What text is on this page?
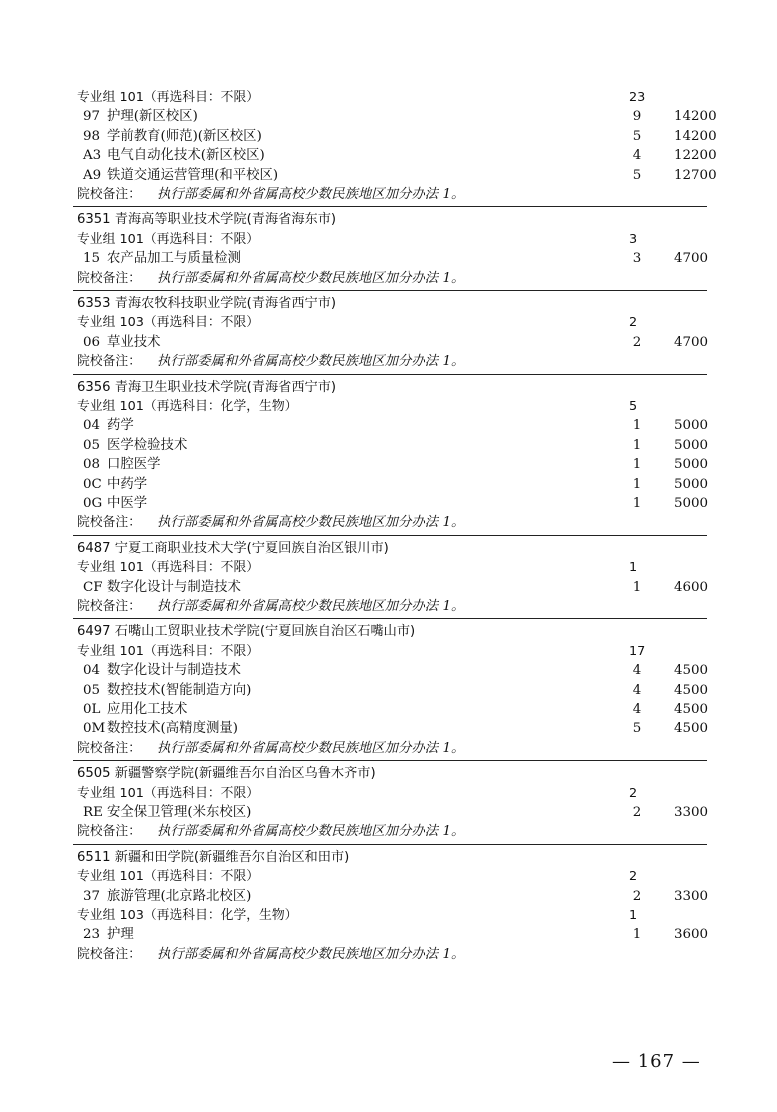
专业组 101（再选科目：不限）	23
97 护理(新区校区)	9 14200
98 学前教育(师范)(新区校区)	5 14200
A3 电气自动化技术(新区校区)	4 12200
A9 铁道交通运营管理(和平校区)	5 12700
院校备注： 执行部委属和外省属高校少数民族地区加分办法 1。
6351 青海高等职业技术学院(青海省海东市)
专业组 101（再选科目：不限）	3
15 农产品加工与质量检测	3 4700
院校备注： 执行部委属和外省属高校少数民族地区加分办法 1。
6353 青海农牧科技职业学院(青海省西宁市)
专业组 103（再选科目：不限）	2
06 草业技术	2 4700
院校备注： 执行部委属和外省属高校少数民族地区加分办法 1。
6356 青海卫生职业技术学院(青海省西宁市)
专业组 101（再选科目：化学，生物）	5
04 药学	1 5000
05 医学检验技术	1 5000
08 口腔医学	1 5000
0C 中药学	1 5000
0G 中医学	1 5000
院校备注： 执行部委属和外省属高校少数民族地区加分办法 1。
6487 宁夏工商职业技术大学(宁夏回族自治区银川市)
专业组 101（再选科目：不限）	1
CF 数字化设计与制造技术	1 4600
院校备注： 执行部委属和外省属高校少数民族地区加分办法 1。
6497 石嘴山工贸职业技术学院(宁夏回族自治区石嘴山市)
专业组 101（再选科目：不限）	17
04 数字化设计与制造技术	4 4500
05 数控技术(智能制造方向)	4 4500
0L 应用化工技术	4 4500
0M 数控技术(高精度测量)	5 4500
院校备注： 执行部委属和外省属高校少数民族地区加分办法 1。
6505 新疆警察学院(新疆维吾尔自治区乌鲁木齐市)
专业组 101（再选科目：不限）	2
RE 安全保卫管理(米东校区)	2 3300
院校备注： 执行部委属和外省属高校少数民族地区加分办法 1。
6511 新疆和田学院(新疆维吾尔自治区和田市)
专业组 101（再选科目：不限）	2
37 旅游管理(北京路北校区)	2 3300
专业组 103（再选科目：化学，生物）	1
23 护理	1 3600
院校备注： 执行部委属和外省属高校少数民族地区加分办法 1。
— 167 —
